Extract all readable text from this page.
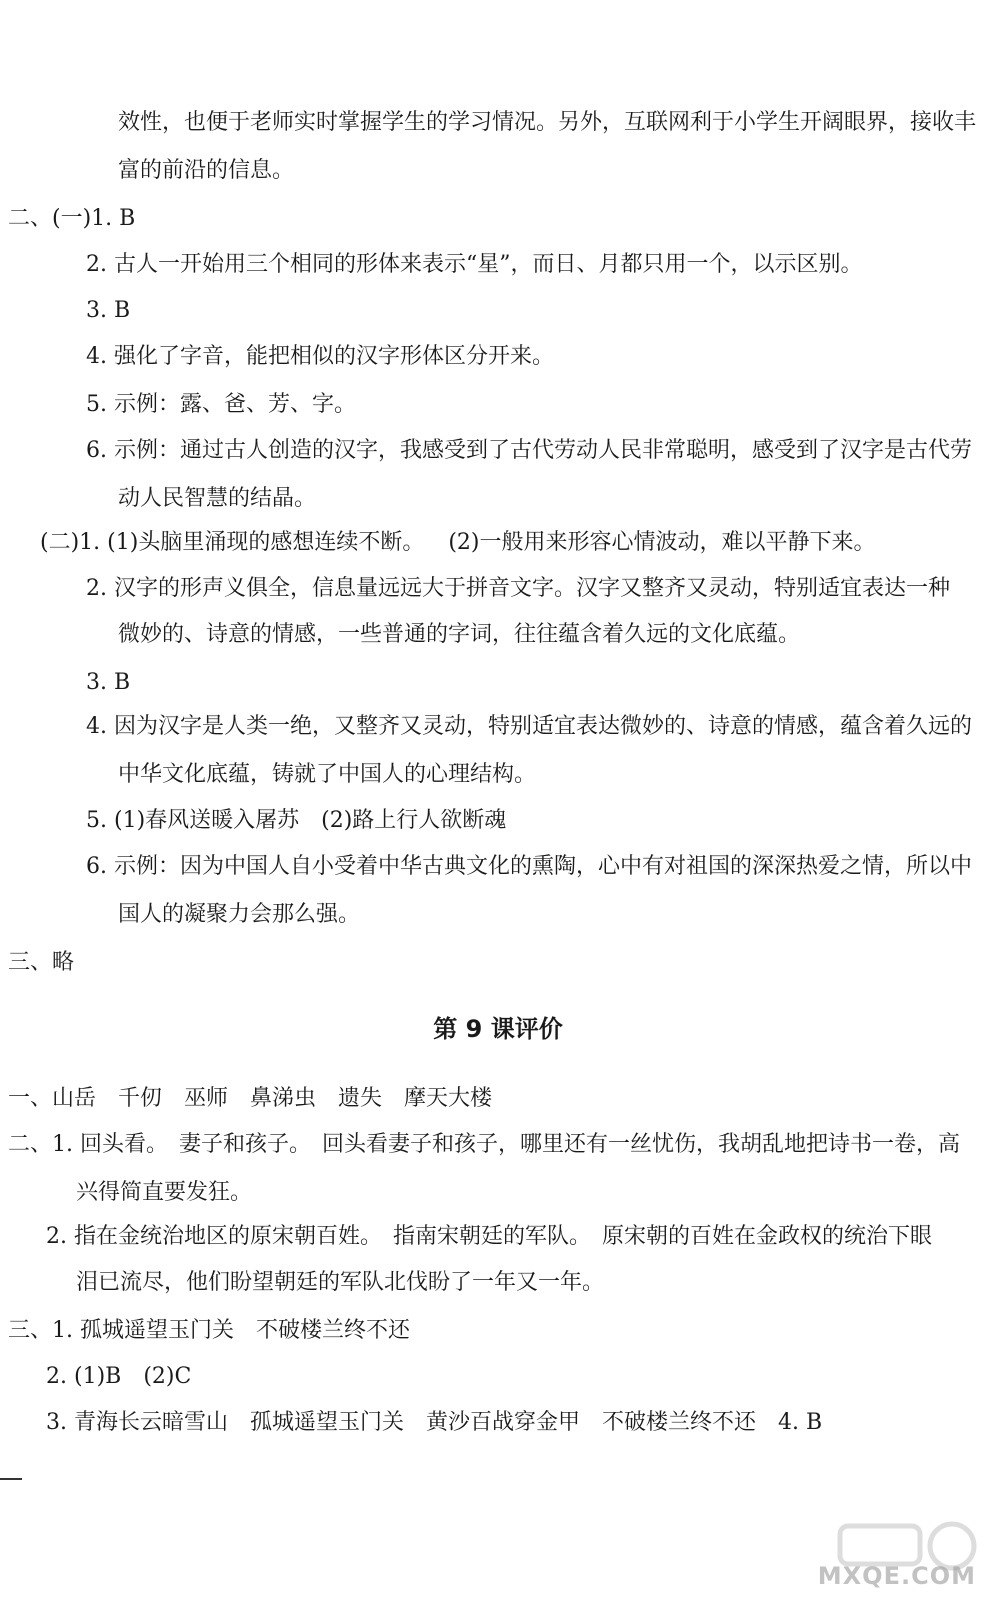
效性，也便于老师实时掌握学生的学习情况。另外，互联网利于小学生开阔眼界，接收丰
富的前沿的信息。
二、(一)1. B
2. 古人一开始用三个相同的形体来表示“星”，而日、月都只用一个，以示区别。
3. B
4. 强化了字音，能把相似的汉字形体区分开来。
5. 示例：露、爸、芳、字。
6. 示例：通过古人创造的汉字，我感受到了古代劳动人民非常聪明，感受到了汉字是古代劳
动人民智慧的结晶。
(二)1. (1)头脑里涌现的感想连续不断。 (2)一般用来形容心情波动，难以平静下来。
2. 汉字的形声义俱全，信息量远远大于拼音文字。汉字又整齐又灵动，特别适宜表达一种
微妙的、诗意的情感，一些普通的字词，往往蕴含着久远的文化底蕴。
3. B
4. 因为汉字是人类一绝，又整齐又灵动，特别适宜表达微妙的、诗意的情感，蕴含着久远的
中华文化底蕴，铸就了中国人的心理结构。
5. (1)春风送暖入屠苏　(2)路上行人欲断魂
6. 示例：因为中国人自小受着中华古典文化的熏陶，心中有对祖国的深深热爱之情，所以中
国人的凝聚力会那么强。
三、略
第 9 课评价
一、山岳　千仞　巫师　鼻涕虫　遗失　摩天大楼
二、1. 回头看。　妻子和孩子。　回头看妻子和孩子，哪里还有一丝忧伤，我胡乱地把诗书一卷，高
兴得简直要发狂。
2. 指在金统治地区的原宋朝百姓。　指南宋朝廷的军队。　原宋朝的百姓在金政权的统治下眼
泪已流尽，他们盼望朝廷的军队北伐盼了一年又一年。
三、1. 孤城遥望玉门关　不破楼兰终不还
2. (1)B　(2)C
3. 青海长云暗雪山　孤城遥望玉门关　黄沙百战穿金甲　不破楼兰终不还　4. B
MXQE.COM
